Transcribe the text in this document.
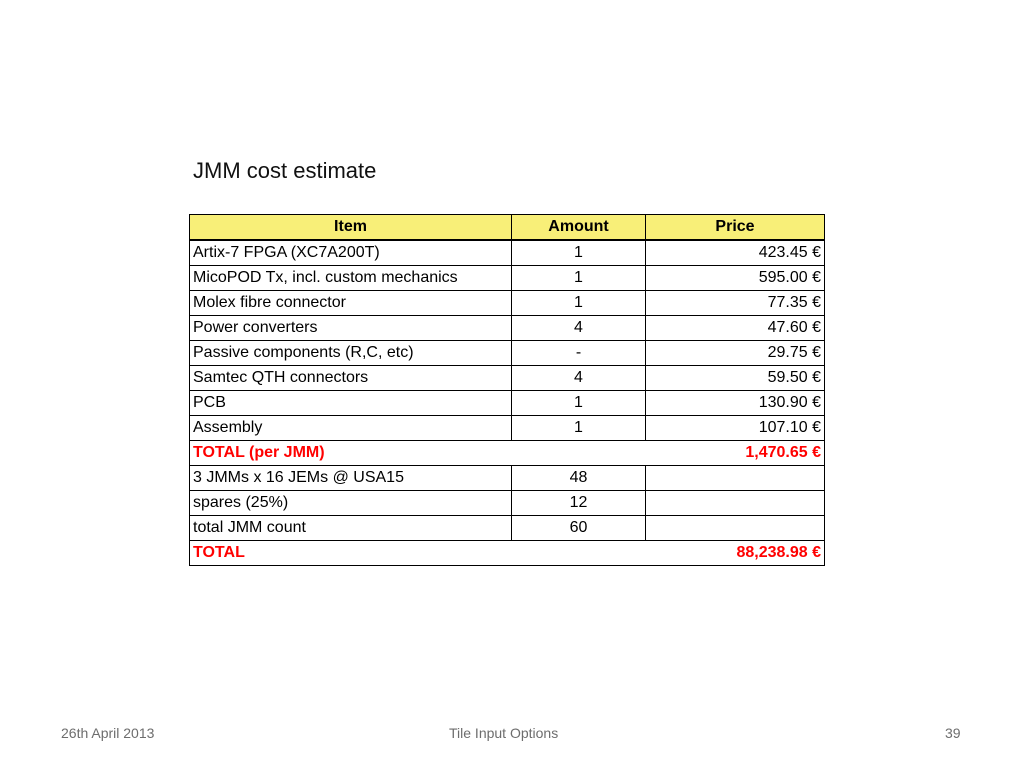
JMM cost estimate
Item	Amount	Price
Artix-7 FPGA (XC7A200T)	1	423.45 €
MicoPOD Tx, incl. custom mechanics	1	595.00 €
Molex fibre connector	1	77.35 €
Power converters	4	47.60 €
Passive components (R,C, etc)	-	29.75 €
Samtec QTH connectors	4	59.50 €
PCB	1	130.90 €
Assembly	1	107.10 €
TOTAL (per JMM)		1,470.65 €
3 JMMs x 16 JEMs @ USA15	48	
spares (25%)	12	
total JMM count	60	
TOTAL		88,238.98 €
26th April 2013	Tile Input Options	39
